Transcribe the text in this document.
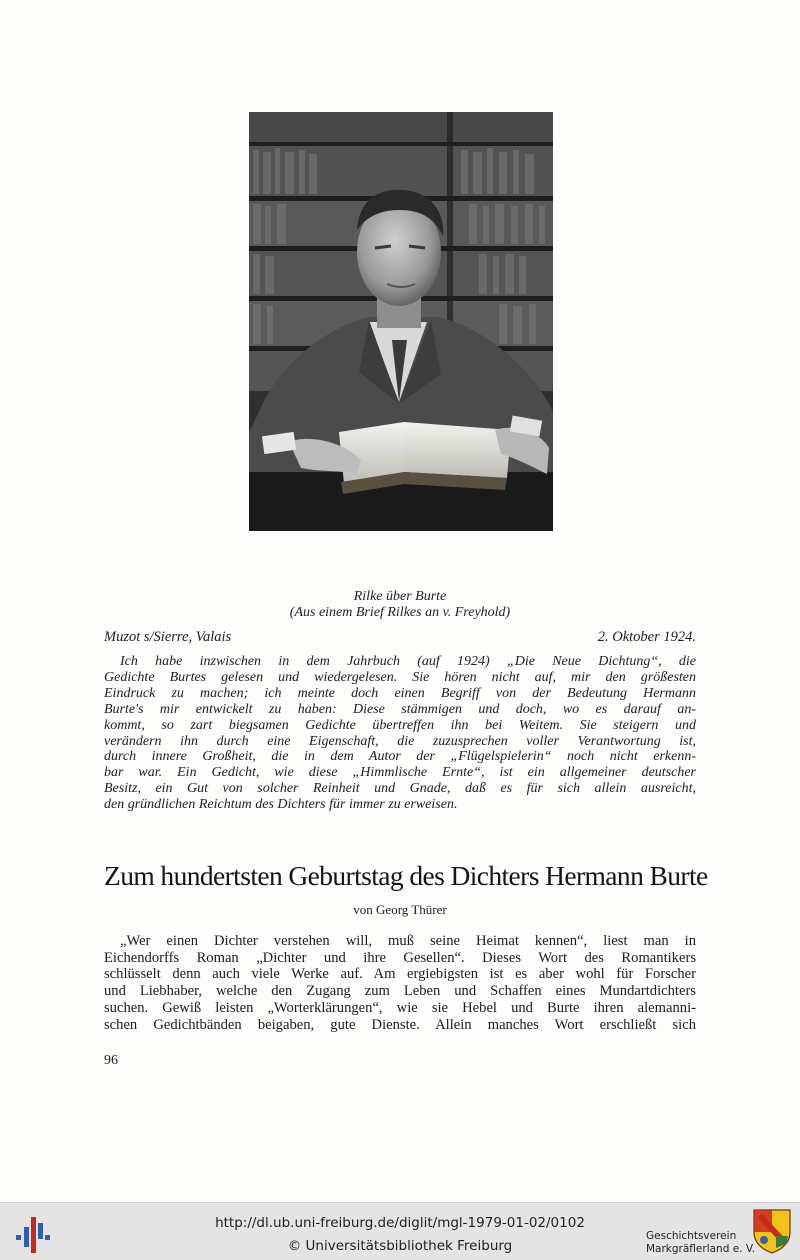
Rilke über Burte
(Aus einem Brief Rilkes an v. Freyhold)
Muzot s/Sierre, Valais	2. Oktober 1924.
Ich habe inzwischen in dem Jahrbuch (auf 1924) „Die Neue Dichtung“, die
Gedichte Burtes gelesen und wiedergelesen. Sie hören nicht auf, mir den größesten
Eindruck zu machen; ich meinte doch einen Begriff von der Bedeutung Hermann
Burte's mir entwickelt zu haben: Diese stämmigen und doch, wo es darauf an-
kommt, so zart biegsamen Gedichte übertreffen ihn bei Weitem. Sie steigern und
verändern ihn durch eine Eigenschaft, die zuzusprechen voller Verantwortung ist,
durch innere Großheit, die in dem Autor der „Flügelspielerin“ noch nicht erkenn-
bar war. Ein Gedicht, wie diese „Himmlische Ernte“, ist ein allgemeiner deutscher
Besitz, ein Gut von solcher Reinheit und Gnade, daß es für sich allein ausreicht,
den gründlichen Reichtum des Dichters für immer zu erweisen.
Zum hundertsten Geburtstag des Dichters Hermann Burte
von Georg Thürer
„Wer einen Dichter verstehen will, muß seine Heimat kennen“, liest man in
Eichendorffs Roman „Dichter und ihre Gesellen“. Dieses Wort des Romantikers
schlüsselt denn auch viele Werke auf. Am ergiebigsten ist es aber wohl für Forscher
und Liebhaber, welche den Zugang zum Leben und Schaffen eines Mundartdichters
suchen. Gewiß leisten „Worterklärungen“, wie sie Hebel und Burte ihren alemanni-
schen Gedichtbänden beigaben, gute Dienste. Allein manches Wort erschließt sich
96
http://dl.ub.uni-freiburg.de/diglit/mgl-1979-01-02/0102
© Universitätsbibliothek Freiburg
Geschichtsverein
Markgräflerland e. V.
